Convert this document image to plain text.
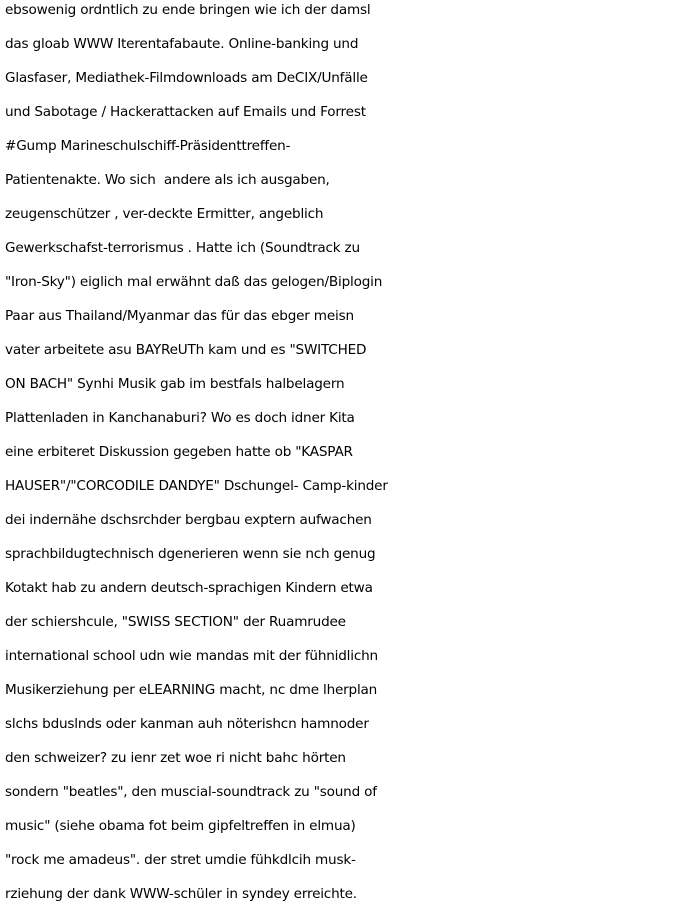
ebsowenig ordntlich zu ende bringen wie ich der damsl
das gloab WWW Iterentafabaute. Online-banking und
Glasfaser, Mediathek-Filmdownloads am DeCIX/Unfälle
und Sabotage / Hackerattacken auf Emails und Forrest
#Gump Marineschulschiff-Präsidenttreffen-
Patientenakte. Wo sich  andere als ich ausgaben,
zeugenschützer , ver-deckte Ermitter, angeblich
Gewerkschafst-terrorismus . Hatte ich (Soundtrack zu
"Iron-Sky") eiglich mal erwähnt daß das gelogen/Biplogin
Paar aus Thailand/Myanmar das für das ebger meisn
vater arbeitete asu BAYReUTh kam und es "SWITCHED
ON BACH" Synhi Musik gab im bestfals halbelagern
Plattenladen in Kanchanaburi? Wo es doch idner Kita
eine erbiteret Diskussion gegeben hatte ob "KASPAR
HAUSER"/"CORCODILE DANDYE" Dschungel- Camp-kinder
dei indernähe dschsrchder bergbau exptern aufwachen
sprachbildugtechnisch dgenerieren wenn sie nch genug
Kotakt hab zu andern deutsch-sprachigen Kindern etwa
der schiershcule, "SWISS SECTION" der Ruamrudee
international school udn wie mandas mit der fühnidlichn
Musikerziehung per eLEARNING macht, nc dme lherplan
slchs bduslnds oder kanman auh nöterishcn hamnoder
den schweizer? zu ienr zet woe ri nicht bahc hörten
sondern "beatles", den muscial-soundtrack zu "sound of
music" (siehe obama fot beim gipfeltreffen in elmua)
"rock me amadeus". der stret umdie fühkdlcih musk-
rziehung der dank WWW-schüler in syndey erreichte.
